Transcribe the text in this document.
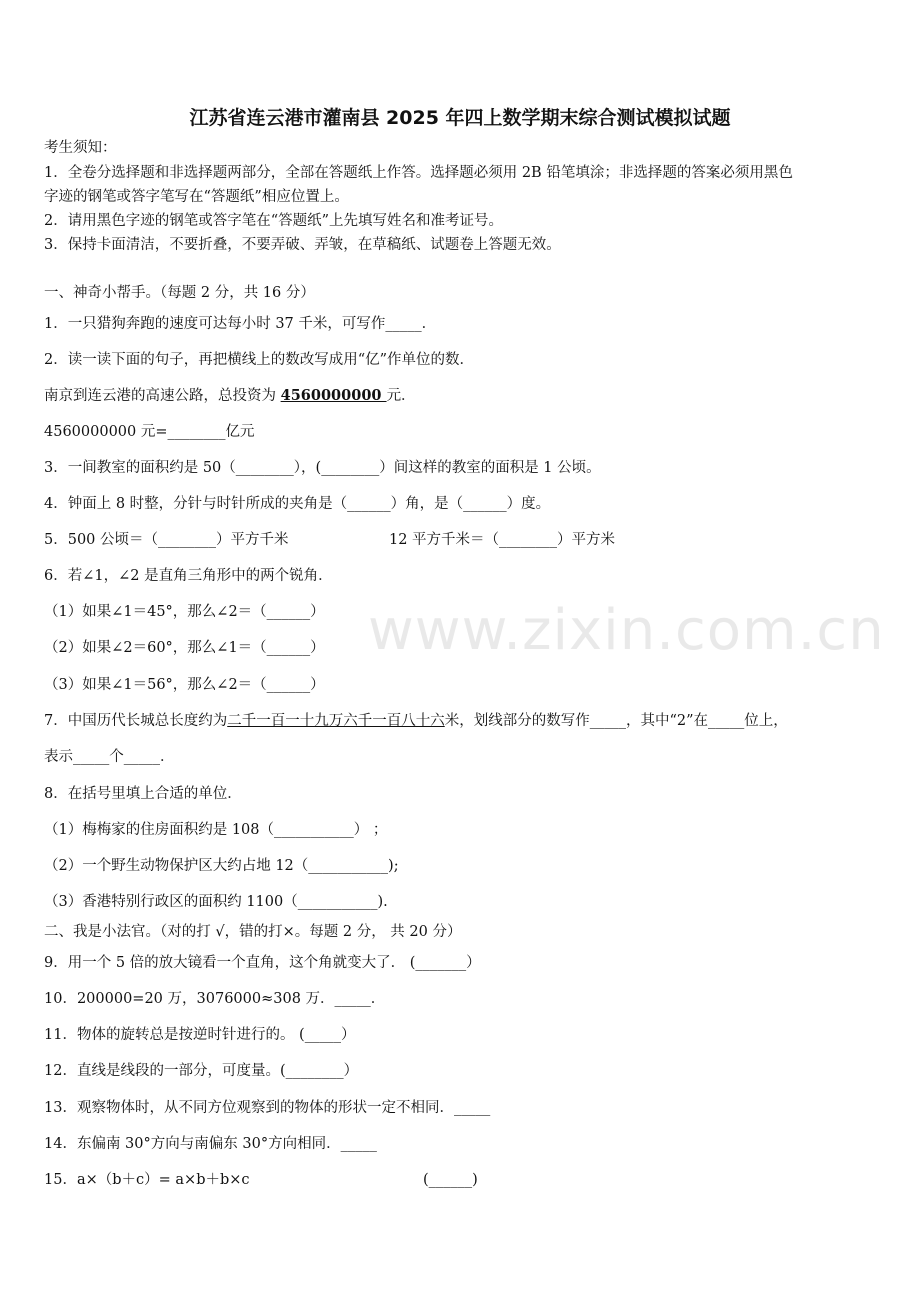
江苏省连云港市灌南县 2025 年四上数学期末综合测试模拟试题
考生须知：
1．全卷分选择题和非选择题两部分，全部在答题纸上作答。选择题必须用 2B 铅笔填涂；非选择题的答案必须用黑色
字迹的钢笔或答字笔写在“答题纸”相应位置上。
2．请用黑色字迹的钢笔或答字笔在“答题纸”上先填写姓名和准考证号。
3．保持卡面清洁，不要折叠，不要弄破、弄皱，在草稿纸、试题卷上答题无效。
一、神奇小帮手。（每题 2 分，共 16 分）
1．一只猎狗奔跑的速度可达每小时 37 千米，可写作_____．
2．读一读下面的句子，再把横线上的数改写成用“亿”作单位的数．
南京到连云港的高速公路，总投资为 4560000000 元．
4560000000 元=________亿元
3．一间教室的面积约是 50（________），(________）间这样的教室的面积是 1 公顷。
4．钟面上 8 时整，分针与时针所成的夹角是（______）角，是（______）度。
5．500 公顷＝（________）平方千米	12 平方千米＝（________）平方米
6．若∠1，∠2 是直角三角形中的两个锐角．
（1）如果∠1＝45°，那么∠2＝（______）
（2）如果∠2＝60°，那么∠1＝（______）
（3）如果∠1＝56°，那么∠2＝（______）
7．中国历代长城总长度约为二千一百一十九万六千一百八十六米，划线部分的数写作_____，其中“2”在_____位上，
表示_____个_____．
8．在括号里填上合适的单位．
（1）梅梅家的住房面积约是 108（___________） ；
（2）一个野生动物保护区大约占地 12（___________);
（3）香港特别行政区的面积约 1100（___________).
二、我是小法官。（对的打 √，错的打×。每题 2 分， 共 20 分）
9．用一个 5 倍的放大镜看一个直角，这个角就变大了． (_______）
10．200000=20 万，3076000≈308 万．_____．
11．物体的旋转总是按逆时针进行的。 (_____）
12．直线是线段的一部分，可度量。(________）
13．观察物体时，从不同方位观察到的物体的形状一定不相同．_____
14．东偏南 30°方向与南偏东 30°方向相同．_____
15．a×（b＋c）= a×b＋b×c	(______)
www.zixin.com.cn
